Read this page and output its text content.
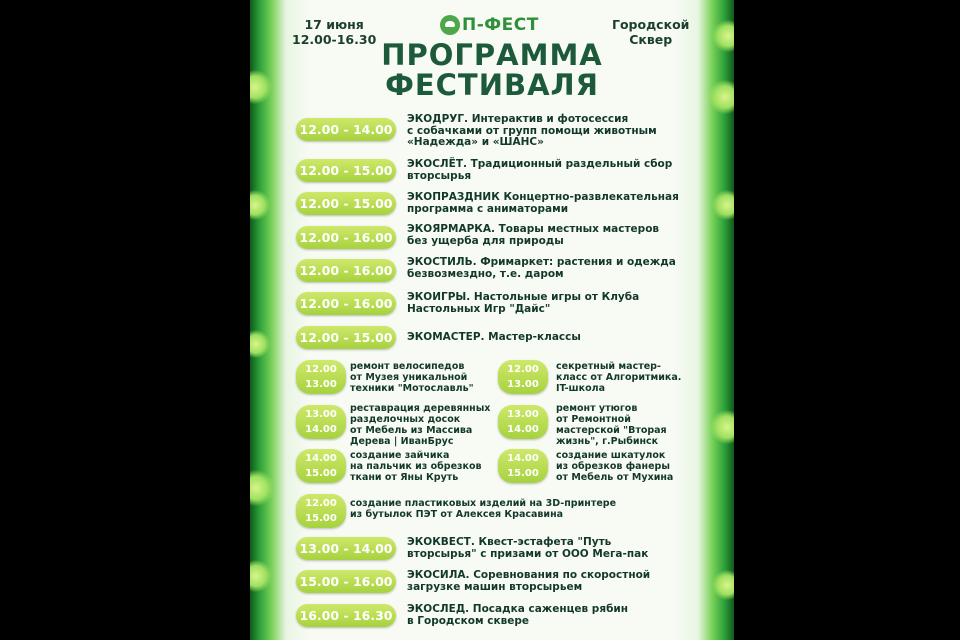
17 июня
12.00-16.30
П-ФЕСТ	Городской
Сквер
ПРОГРАММА
ФЕСТИВАЛЯ
12.00 - 14.00
ЭКОДРУГ. Интерактив и фотосессия
с собачками от групп помощи животным
«Надежда» и «ШАНС»
12.00 - 15.00	ЭКОСЛЁТ. Традиционный раздельный сбор
вторсырья
12.00 - 15.00	ЭКОПРАЗДНИК Концертно-развлекательная
программа с аниматорами
12.00 - 16.00
ЭКОЯРМАРКА. Товары местных мастеров
без ущерба для природы
12.00 - 16.00
ЭКОСТИЛЬ. Фримаркет: растения и одежда
безвозмездно, т.е. даром
12.00 - 16.00	ЭКОИГРЫ. Настольные игры от Клуба
Настольных Игр "Дайс"
12.00 - 15.00	ЭКОМАСТЕР. Мастер-классы
12.00
13.00
ремонт велосипедов
от Музея уникальной
техники "Мотославль"
12.00
13.00
секретный мастер-
класс от Алгоритмика.
IT-школа
13.00
14.00
реставрация деревянных
разделочных досок
от Мебель из Массива
Дерева | ИванБрус
13.00
14.00
ремонт утюгов
от Ремонтной
мастерской "Вторая
жизнь", г.Рыбинск
14.00
15.00
создание зайчика
на пальчик из обрезков
ткани от Яны Круть
14.00
15.00
создание шкатулок
из обрезков фанеры
от Мебель от Мухина
12.00
15.00
создание пластиковых изделий на 3D-принтере
из бутылок ПЭТ от Алексея Красавина
13.00 - 14.00	ЭКОКВЕСТ. Квест-эстафета "Путь
вторсырья" с призами от ООО Мега-пак
15.00 - 16.00	ЭКОСИЛА. Соревнования по скоростной
загрузке машин вторсырьем
16.00 - 16.30	ЭКОСЛЕД. Посадка саженцев рябин
в Городском сквере
